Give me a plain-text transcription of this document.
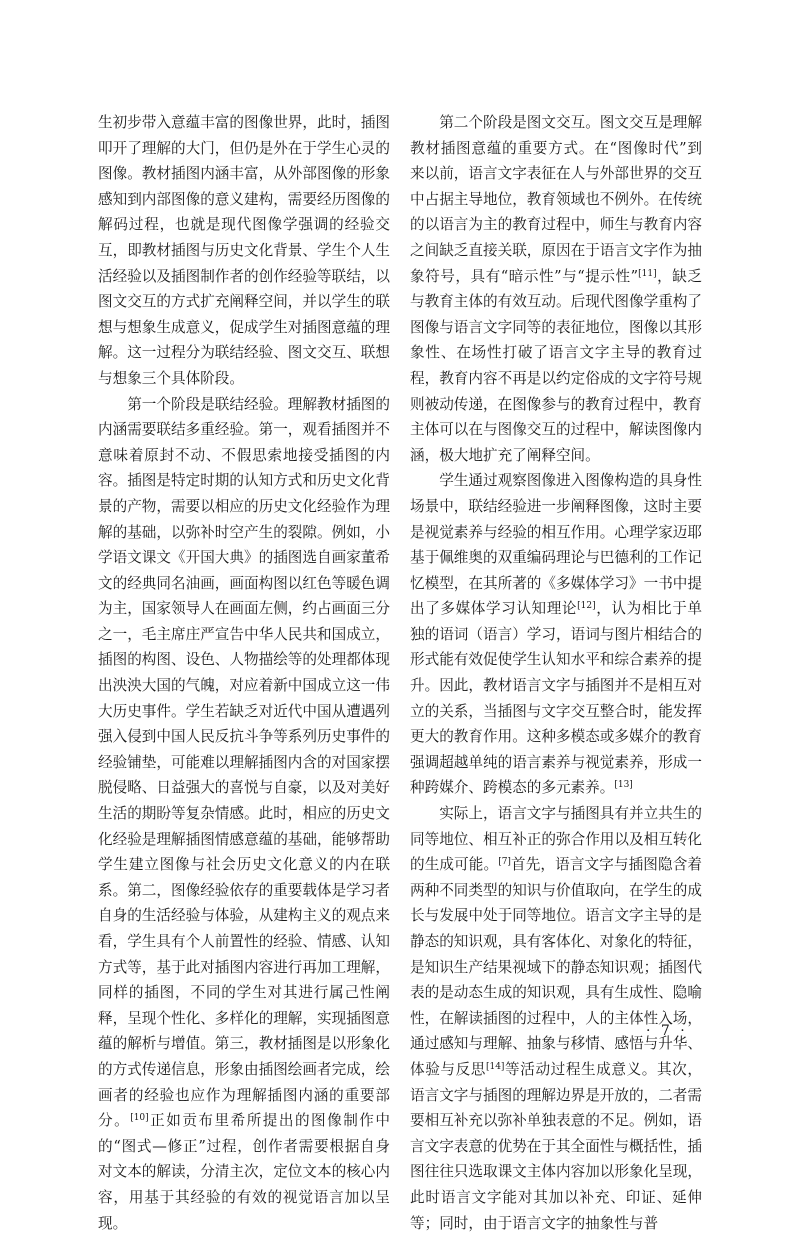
生初步带入意蕴丰富的图像世界，此时，插图叩开了理解的大门，但仍是外在于学生心灵的图像。教材插图内涵丰富，从外部图像的形象感知到内部图像的意义建构，需要经历图像的解码过程，也就是现代图像学强调的经验交互，即教材插图与历史文化背景、学生个人生活经验以及插图制作者的创作经验等联结，以图文交互的方式扩充阐释空间，并以学生的联想与想象生成意义，促成学生对插图意蕴的理解。这一过程分为联结经验、图文交互、联想与想象三个具体阶段。

第一个阶段是联结经验。理解教材插图的内涵需要联结多重经验。第一，观看插图并不意味着原封不动、不假思索地接受插图的内容。插图是特定时期的认知方式和历史文化背景的产物，需要以相应的历史文化经验作为理解的基础，以弥补时空产生的裂隙。例如，小学语文课文《开国大典》的插图选自画家董希文的经典同名油画，画面构图以红色等暖色调为主，国家领导人在画面左侧，约占画面三分之一，毛主席庄严宣告中华人民共和国成立，插图的构图、设色、人物描绘等的处理都体现出泱泱大国的气魄，对应着新中国成立这一伟大历史事件。学生若缺乏对近代中国从遭遇列强入侵到中国人民反抗斗争等系列历史事件的经验铺垫，可能难以理解插图内含的对国家摆脱侵略、日益强大的喜悦与自豪，以及对美好生活的期盼等复杂情感。此时，相应的历史文化经验是理解插图情感意蕴的基础，能够帮助学生建立图像与社会历史文化意义的内在联系。第二，图像经验依存的重要载体是学习者自身的生活经验与体验，从建构主义的观点来看，学生具有个人前置性的经验、情感、认知方式等，基于此对插图内容进行再加工理解，同样的插图，不同的学生对其进行属己性阐释，呈现个性化、多样化的理解，实现插图意蕴的解析与增值。第三，教材插图是以形象化的方式传递信息，形象由插图绘画者完成，绘画者的经验也应作为理解插图内涵的重要部分。[10]正如贡布里希所提出的图像制作中的“图式—修正”过程，创作者需要根据自身对文本的解读，分清主次，定位文本的核心内容，用基于其经验的有效的视觉语言加以呈现。

第二个阶段是图文交互。图文交互是理解教材插图意蕴的重要方式。在“图像时代”到来以前，语言文字表征在人与外部世界的交互中占据主导地位，教育领域也不例外。在传统的以语言为主的教育过程中，师生与教育内容之间缺乏直接关联，原因在于语言文字作为抽象符号，具有“暗示性”与“提示性”[11]，缺乏与教育主体的有效互动。后现代图像学重构了图像与语言文字同等的表征地位，图像以其形象性、在场性打破了语言文字主导的教育过程，教育内容不再是以约定俗成的文字符号规则被动传递，在图像参与的教育过程中，教育主体可以在与图像交互的过程中，解读图像内涵，极大地扩充了阐释空间。

学生通过观察图像进入图像构造的具身性场景中，联结经验进一步阐释图像，这时主要是视觉素养与经验的相互作用。心理学家迈耶基于佩维奥的双重编码理论与巴德利的工作记忆模型，在其所著的《多媒体学习》一书中提出了多媒体学习认知理论[12]，认为相比于单独的语词（语言）学习，语词与图片相结合的形式能有效促使学生认知水平和综合素养的提升。因此，教材语言文字与插图并不是相互对立的关系，当插图与文字交互整合时，能发挥更大的教育作用。这种多模态或多媒介的教育强调超越单纯的语言素养与视觉素养，形成一种跨媒介、跨模态的多元素养。[13]

实际上，语言文字与插图具有并立共生的同等地位、相互补正的弥合作用以及相互转化的生成可能。[7]首先，语言文字与插图隐含着两种不同类型的知识与价值取向，在学生的成长与发展中处于同等地位。语言文字主导的是静态的知识观，具有客体化、对象化的特征，是知识生产结果视域下的静态知识观；插图代表的是动态生成的知识观，具有生成性、隐喻性，在解读插图的过程中，人的主体性入场，通过感知与理解、抽象与移情、感悟与升华、体验与反思[14]等活动过程生成意义。其次，语言文字与插图的理解边界是开放的，二者需要相互补充以弥补单独表意的不足。例如，语言文字表意的优势在于其全面性与概括性，插图往往只选取课文主体内容加以形象化呈现，此时语言文字能对其加以补充、印证、延伸等；同时，由于语言文字的抽象性与普

· 7 ·
